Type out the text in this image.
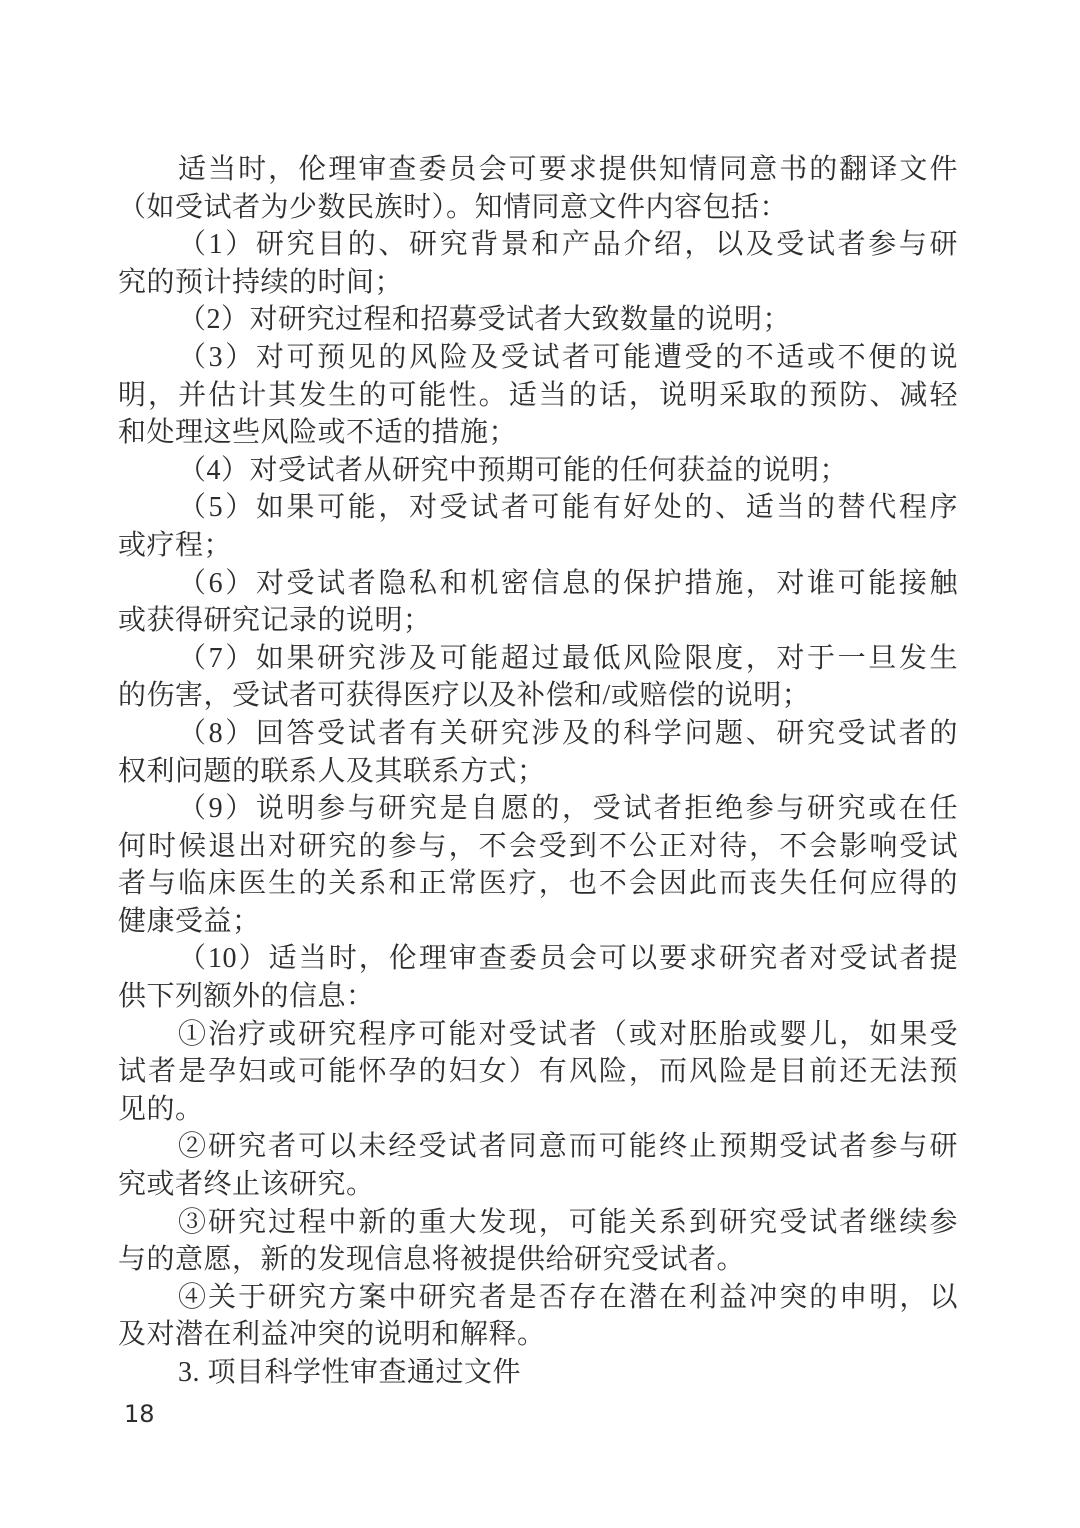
适当时，伦理审查委员会可要求提供知情同意书的翻译文件
（如受试者为少数民族时）。知情同意文件内容包括：
（1）研究目的、研究背景和产品介绍，以及受试者参与研
究的预计持续的时间；
（2）对研究过程和招募受试者大致数量的说明；
（3）对可预见的风险及受试者可能遭受的不适或不便的说
明，并估计其发生的可能性。适当的话，说明采取的预防、减轻
和处理这些风险或不适的措施；
（4）对受试者从研究中预期可能的任何获益的说明；
（5）如果可能，对受试者可能有好处的、适当的替代程序
或疗程；
（6）对受试者隐私和机密信息的保护措施，对谁可能接触
或获得研究记录的说明；
（7）如果研究涉及可能超过最低风险限度，对于一旦发生
的伤害，受试者可获得医疗以及补偿和/或赔偿的说明；
（8）回答受试者有关研究涉及的科学问题、研究受试者的
权利问题的联系人及其联系方式；
（9）说明参与研究是自愿的，受试者拒绝参与研究或在任
何时候退出对研究的参与，不会受到不公正对待，不会影响受试
者与临床医生的关系和正常医疗，也不会因此而丧失任何应得的
健康受益；
（10）适当时，伦理审查委员会可以要求研究者对受试者提
供下列额外的信息：
①治疗或研究程序可能对受试者（或对胚胎或婴儿，如果受
试者是孕妇或可能怀孕的妇女）有风险，而风险是目前还无法预
见的。
②研究者可以未经受试者同意而可能终止预期受试者参与研
究或者终止该研究。
③研究过程中新的重大发现，可能关系到研究受试者继续参
与的意愿，新的发现信息将被提供给研究受试者。
④关于研究方案中研究者是否存在潜在利益冲突的申明，以
及对潜在利益冲突的说明和解释。
3. 项目科学性审查通过文件
18
